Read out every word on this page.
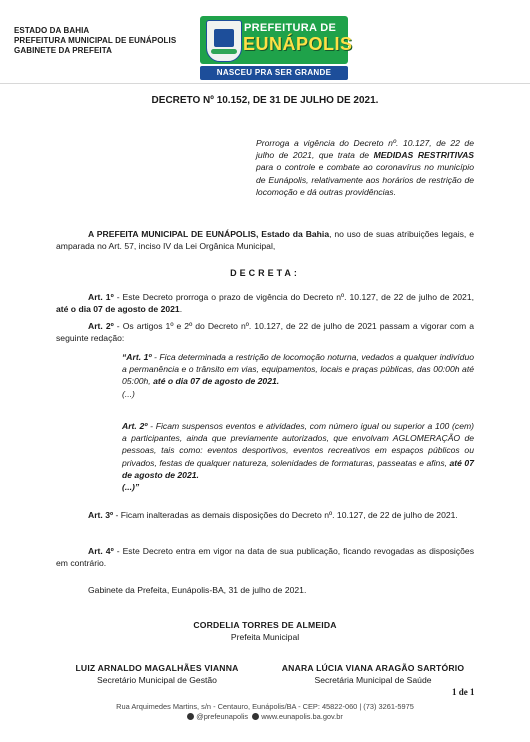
ESTADO DA BAHIA
PREFEITURA MUNICIPAL DE EUNÁPOLIS
GABINETE DA PREFEITA
PREFEITURA DE
EUNÁPOLIS
NASCEU PRA SER GRANDE
DECRETO Nº 10.152, DE 31 DE JULHO DE 2021.
Prorroga a vigência do Decreto nº. 10.127, de 22 de julho de 2021, que trata de MEDIDAS RESTRITIVAS para o controle e combate ao coronavírus no município de Eunápolis, relativamente aos horários de restrição de locomoção e dá outras providências.
A PREFEITA MUNICIPAL DE EUNÁPOLIS, Estado da Bahia, no uso de suas atribuições legais, e amparada no Art. 57, inciso IV da Lei Orgânica Municipal,
DECRETA:
Art. 1º - Este Decreto prorroga o prazo de vigência do Decreto nº. 10.127, de 22 de julho de 2021, até o dia 07 de agosto de 2021.
Art. 2º - Os artigos 1º e 2º do Decreto nº. 10.127, de 22 de julho de 2021 passam a vigorar com a seguinte redação:
“Art. 1º - Fica determinada a restrição de locomoção noturna, vedados a qualquer indivíduo a permanência e o trânsito em vias, equipamentos, locais e praças públicas, das 00:00h até 05:00h, até o dia 07 de agosto de 2021.
(...)
Art. 2º - Ficam suspensos eventos e atividades, com número igual ou superior a 100 (cem) a participantes, ainda que previamente autorizados, que envolvam AGLOMERAÇÃO de pessoas, tais como: eventos desportivos, eventos recreativos em espaços públicos ou privados, festas de qualquer natureza, solenidades de formaturas, passeatas e afins, até 07 de agosto de 2021.
(...)”
Art. 3º - Ficam inalteradas as demais disposições do Decreto nº. 10.127, de 22 de julho de 2021.
Art. 4º - Este Decreto entra em vigor na data de sua publicação, ficando revogadas as disposições em contrário.
Gabinete da Prefeita, Eunápolis-BA, 31 de julho de 2021.
CORDELIA TORRES DE ALMEIDA
Prefeita Municipal
LUIZ ARNALDO MAGALHÃES VIANNA
Secretário Municipal de Gestão
ANARA LÚCIA VIANA ARAGÃO SARTÓRIO
Secretária Municipal de Saúde
1 de 1
Rua Arquimedes Martins, s/n - Centauro, Eunápolis/BA - CEP: 45822-060 | (73) 3261-5975
@prefeunapolis www.eunapolis.ba.gov.br
